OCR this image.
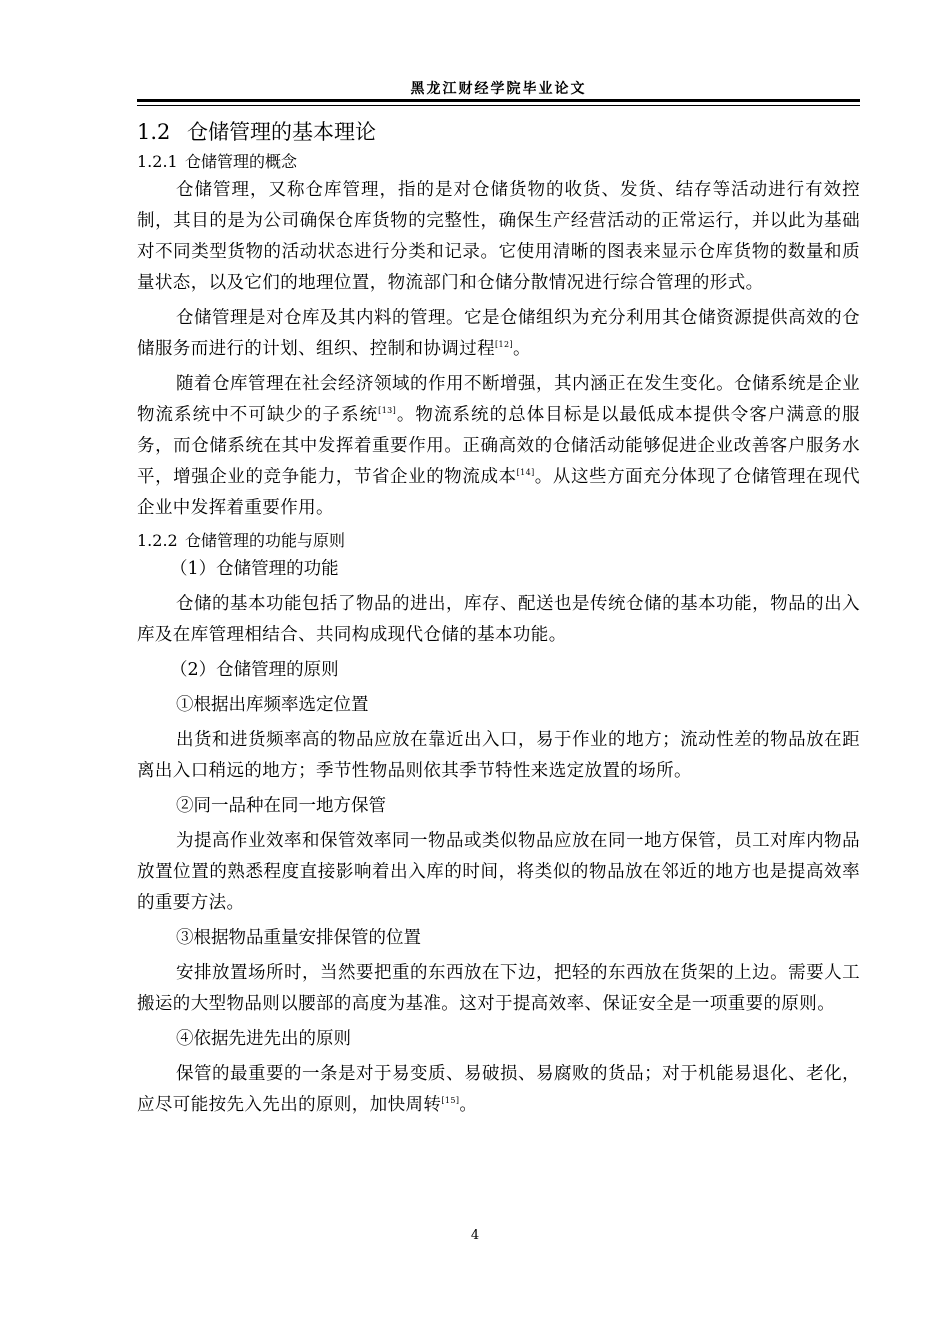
黑龙江财经学院毕业论文
1.2 仓储管理的基本理论
1.2.1 仓储管理的概念

仓储管理，又称仓库管理，指的是对仓储货物的收货、发货、结存等活动进行有效控制，其目的是为公司确保仓库货物的完整性，确保生产经营活动的正常运行，并以此为基础对不同类型货物的活动状态进行分类和记录。它使用清晰的图表来显示仓库货物的数量和质量状态，以及它们的地理位置，物流部门和仓储分散情况进行综合管理的形式。

仓储管理是对仓库及其内料的管理。它是仓储组织为充分利用其仓储资源提供高效的仓储服务而进行的计划、组织、控制和协调过程[12]。

随着仓库管理在社会经济领域的作用不断增强，其内涵正在发生变化。仓储系统是企业物流系统中不可缺少的子系统[13]。物流系统的总体目标是以最低成本提供令客户满意的服务，而仓储系统在其中发挥着重要作用。正确高效的仓储活动能够促进企业改善客户服务水平，增强企业的竞争能力，节省企业的物流成本[14]。从这些方面充分体现了仓储管理在现代企业中发挥着重要作用。

1.2.2 仓储管理的功能与原则
（1）仓储管理的功能

仓储的基本功能包括了物品的进出，库存、配送也是传统仓储的基本功能，物品的出入库及在库管理相结合、共同构成现代仓储的基本功能。

（2）仓储管理的原则
①根据出库频率选定位置

出货和进货频率高的物品应放在靠近出入口，易于作业的地方；流动性差的物品放在距离出入口稍远的地方；季节性物品则依其季节特性来选定放置的场所。

②同一品种在同一地方保管

为提高作业效率和保管效率同一物品或类似物品应放在同一地方保管，员工对库内物品放置位置的熟悉程度直接影响着出入库的时间，将类似的物品放在邻近的地方也是提高效率的重要方法。

③根据物品重量安排保管的位置

安排放置场所时，当然要把重的东西放在下边，把轻的东西放在货架的上边。需要人工搬运的大型物品则以腰部的高度为基准。这对于提高效率、保证安全是一项重要的原则。

④依据先进先出的原则

保管的最重要的一条是对于易变质、易破损、易腐败的货品；对于机能易退化、老化，应尽可能按先入先出的原则，加快周转[15]。

4
